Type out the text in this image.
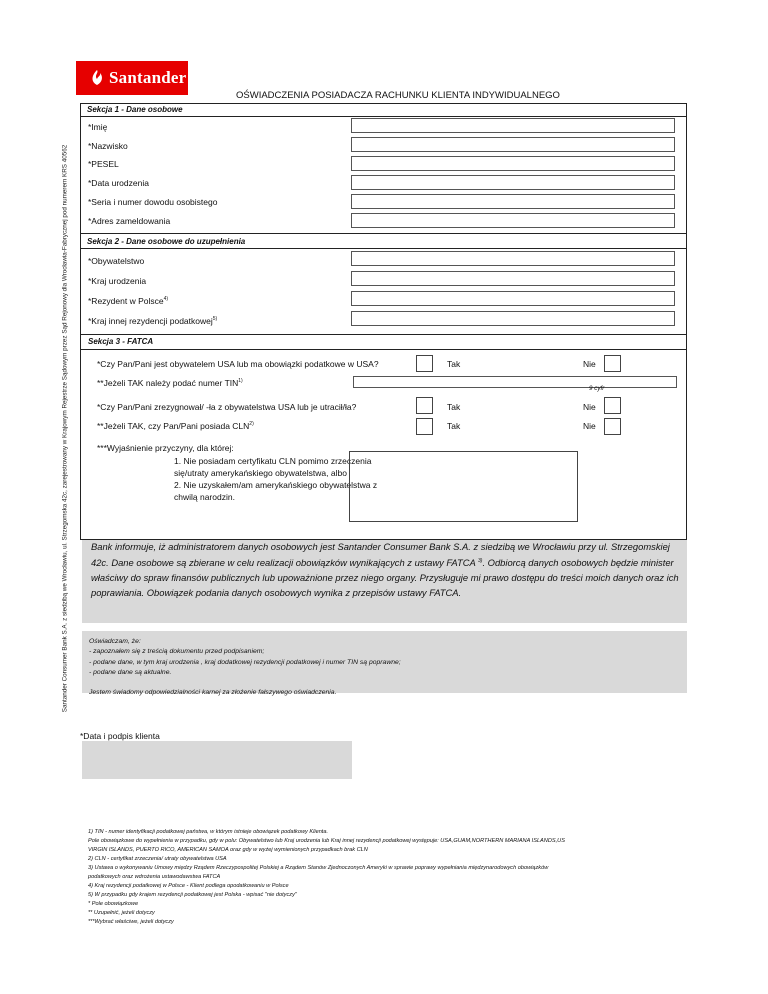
Santander
OŚWIADCZENIA POSIADACZA RACHUNKU KLIENTA INDYWIDUALNEGO
Santander Consumer Bank S.A. z siedzibą we Wrocławiu, ul. Strzegomska 42c, zarejestrowany w Krajowym Rejestrze Sądowym przez Sąd Rejonowy dla Wrocławia-Fabrycznej pod numerem KRS 40562
Sekcja 1 - Dane osobowe
*Imię
*Nazwisko
*PESEL
*Data urodzenia
*Seria i numer dowodu osobistego
*Adres zameldowania
Sekcja 2 - Dane osobowe do uzupełnienia
*Obywatelstwo
*Kraj urodzenia
*Rezydent w Polsce$^{4)}$
*Kraj innej rezydencji podatkowej$^{5)}$
Sekcja 3 - FATCA
*Czy Pan/Pani jest obywatelem USA lub ma obowiązki podatkowe w USA?	Tak	Nie
**Jeżeli TAK należy podać numer TIN$^{1)}$
9 cyfr
*Czy Pan/Pani zrezygnował/ -ła z obywatelstwa USA lub je utracił/ła?	Tak	Nie
**Jeżeli TAK, czy Pan/Pani posiada CLN$^{2)}$	Tak	Nie
***Wyjaśnienie przyczyny, dla której:
1. Nie posiadam certyfikatu CLN pomimo zrzeczenia
się/utraty amerykańskiego obywatelstwa, albo
2. Nie uzyskałem/am amerykańskiego obywatelstwa z
chwilą narodzin.
Bank informuje, iż administratorem danych osobowych jest Santander Consumer Bank S.A. z siedzibą we Wrocławiu przy ul. Strzegomskiej 42c. Dane osobowe są zbierane w celu realizacji obowiązków wynikających z ustawy FATCA $^{3)}$. Odbiorcą danych osobowych będzie minister właściwy do spraw finansów publicznych lub upoważnione przez niego organy. Przysługuje mi prawo dostępu do treści moich danych oraz ich poprawiania. Obowiązek podania danych osobowych wynika z przepisów ustawy FATCA.
Oświadczam, że:
- zapoznałem się z treścią dokumentu przed podpisaniem;
- podane dane, w tym kraj urodzenia , kraj dodatkowej rezydencji podatkowej i numer TIN są poprawne;
- podane dane są aktualne.
Jestem świadomy odpowiedzialności karnej za złożenie fałszywego oświadczenia.
*Data i podpis klienta
1) TIN - numer identyfikacji podatkowej państwa, w którym istnieje obowiązek podatkowy Klienta.
Pole obowiązkowe do wypełnienia w przypadku, gdy w polu: Obywatelstwo lub Kraj urodzenia lub Kraj innej rezydencji podatkowej występuje: USA,GUAM,NORTHERN MARIANA ISLANDS,US
VIRGIN ISLANDS, PUERTO RICO, AMERICAN SAMOA oraz gdy w wyżej wymienionych przypadkach brak CLN
2) CLN - certyfikat zrzeczenia/ utraty obywatelstwa USA
3) Ustawa o wykonywaniu Umowy między Rządem Rzeczypospolitej Polskiej a Rządem Stanów Zjednoczonych Ameryki w sprawie poprawy wypełniania międzynarodowych obowiązków
podatkowych oraz wdrożenia ustawodawstwa FATCA
4) Kraj rezydencji podatkowej w Polsce - Klient podlega opodatkowaniu w Polsce
5) W przypadku gdy krajem rezydencji podatkowej jest Polska - wpisać "nie dotyczy"
* Pole obowiązkowe
** Uzupełnić, jeżeli dotyczy
***Wybrać właściwe, jeżeli dotyczy
